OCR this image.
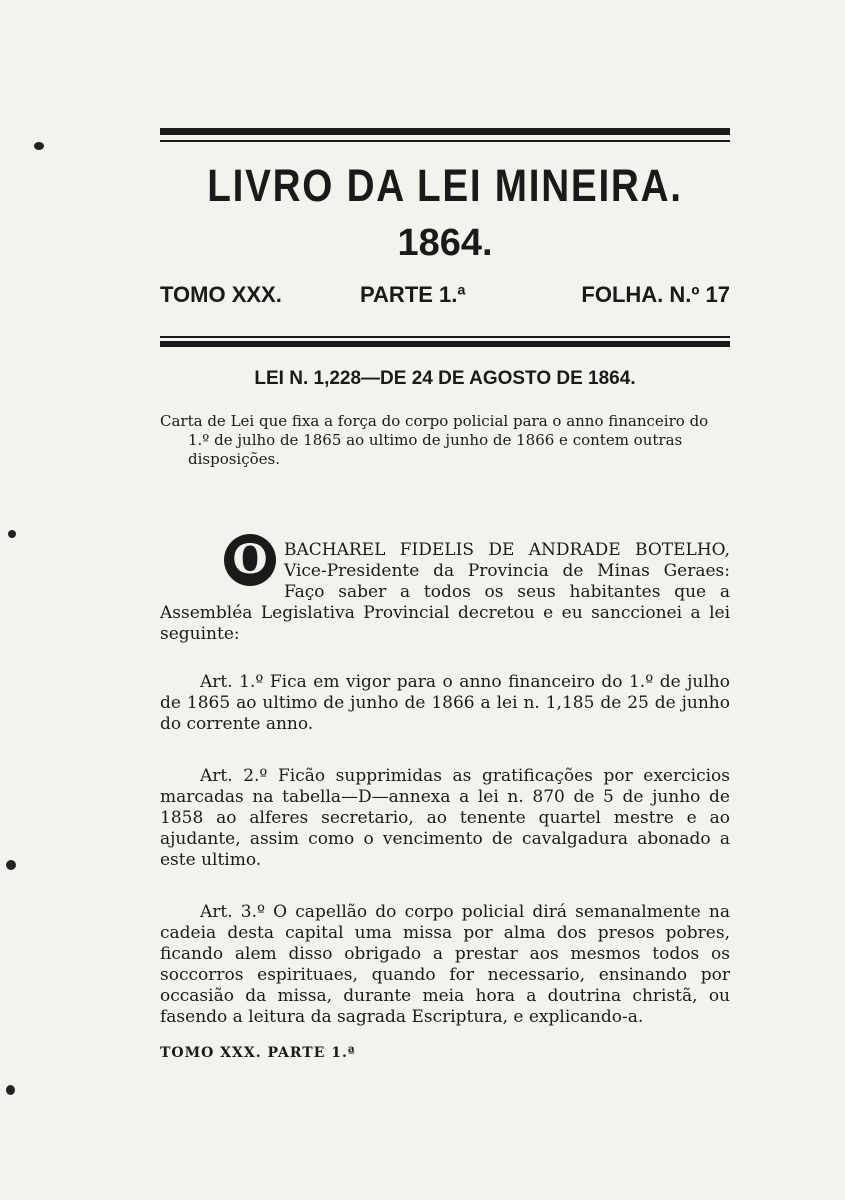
LIVRO DA LEI MINEIRA.
1864.
TOMO XXX.	PARTE 1.ª	FOLHA. N.º 17
LEI N. 1,228—DE 24 DE AGOSTO DE 1864.

Carta de Lei que fixa a força do corpo policial para o anno financeiro do 1.º de julho de 1865 ao ultimo de junho de 1866 e contem outras disposições.

O BACHAREL FIDELIS DE ANDRADE BOTELHO, Vice-Presidente da Provincia de Minas Geraes: Faço saber a todos os seus habitantes que a Assembléa Legislativa Provincial decretou e eu sanccionei a lei seguinte:

Art. 1.º Fica em vigor para o anno financeiro do 1.º de julho de 1865 ao ultimo de junho de 1866 a lei n. 1,185 de 25 de junho do corrente anno.

Art. 2.º Ficão supprimidas as gratificações por exercicios marcadas na tabella—D—annexa a lei n. 870 de 5 de junho de 1858 ao alferes secretario, ao tenente quartel mestre e ao ajudante, assim como o vencimento de cavalgadura abonado a este ultimo.

Art. 3.º O capellão do corpo policial dirá semanalmente na cadeia desta capital uma missa por alma dos presos pobres, ficando alem disso obrigado a prestar aos mesmos todos os soccorros espirituaes, quando for necessario, ensinando por occasião da missa, durante meia hora a doutrina christã, ou fasendo a leitura da sagrada Escriptura, e explicando-a.

TOMO XXX. PARTE 1.ª
